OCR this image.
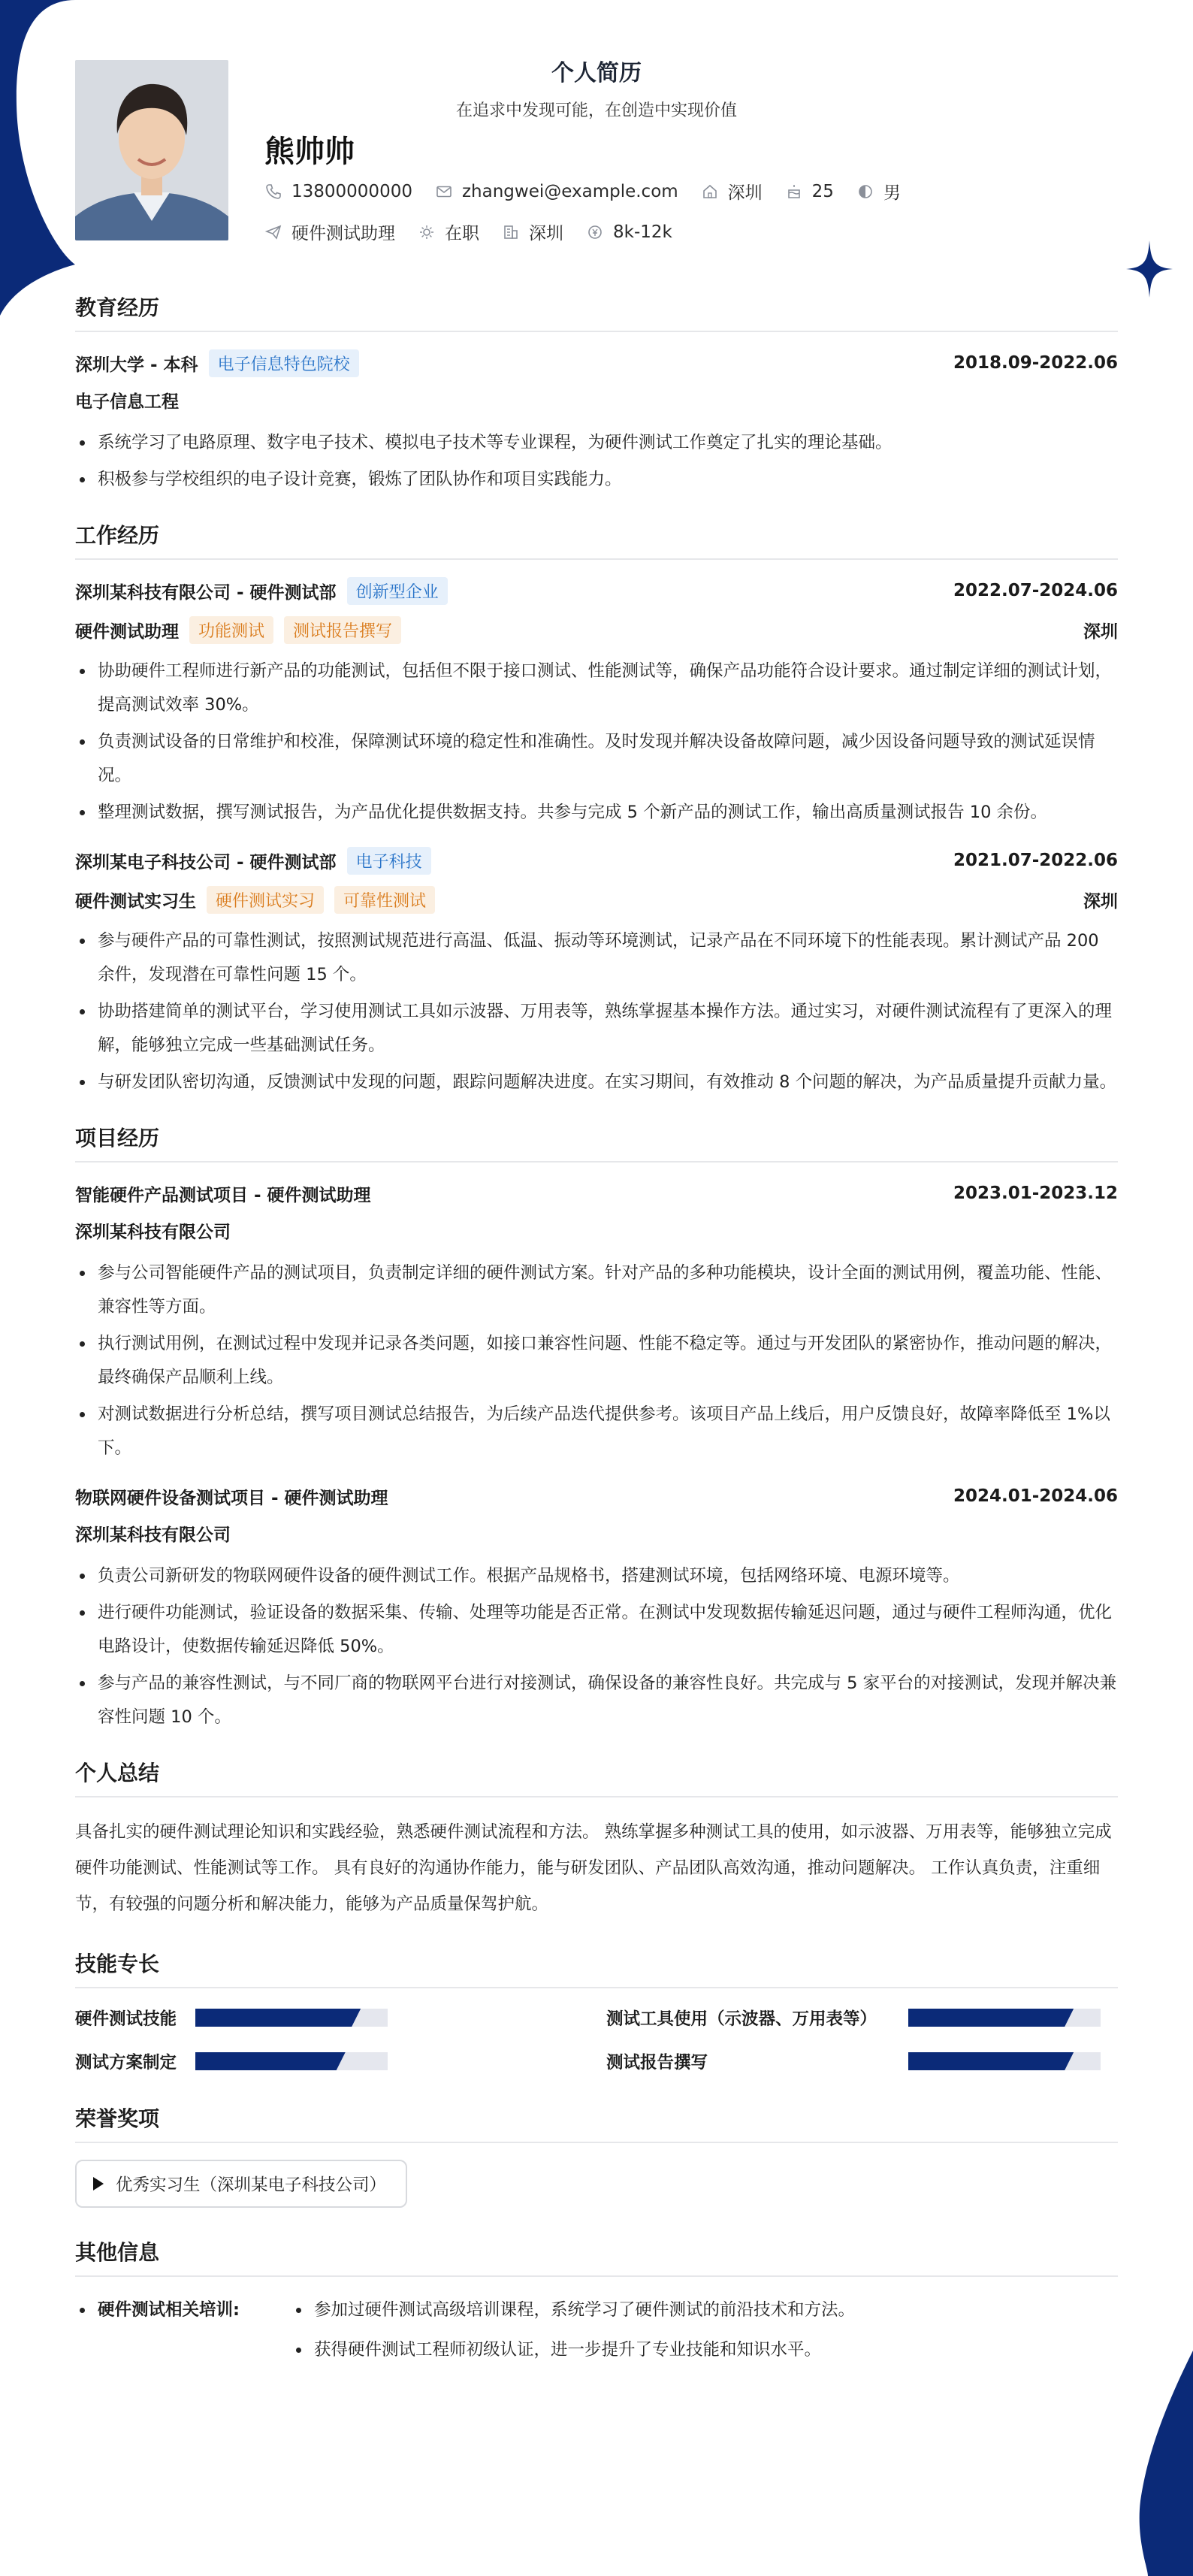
个人简历
在追求中发现可能，在创造中实现价值
熊帅帅
13800000000	zhangwei@example.com	深圳	25	男
硬件测试助理	在职	深圳	8k-12k
教育经历
深圳大学 - 本科	电子信息特色院校	2018.09-2022.06
电子信息工程
系统学习了电路原理、数字电子技术、模拟电子技术等专业课程，为硬件测试工作奠定了扎实的理论基础。
积极参与学校组织的电子设计竞赛，锻炼了团队协作和项目实践能力。
工作经历
深圳某科技有限公司 - 硬件测试部	创新型企业	2022.07-2024.06
硬件测试助理	功能测试	测试报告撰写	深圳
协助硬件工程师进行新产品的功能测试，包括但不限于接口测试、性能测试等，确保产品功能符合设计要求。通过制定详细的测试计划，提高测试效率 30%。
负责测试设备的日常维护和校准，保障测试环境的稳定性和准确性。及时发现并解决设备故障问题，减少因设备问题导致的测试延误情况。
整理测试数据，撰写测试报告，为产品优化提供数据支持。共参与完成 5 个新产品的测试工作，输出高质量测试报告 10 余份。
深圳某电子科技公司 - 硬件测试部	电子科技	2021.07-2022.06
硬件测试实习生	硬件测试实习	可靠性测试	深圳
参与硬件产品的可靠性测试，按照测试规范进行高温、低温、振动等环境测试，记录产品在不同环境下的性能表现。累计测试产品 200 余件，发现潜在可靠性问题 15 个。
协助搭建简单的测试平台，学习使用测试工具如示波器、万用表等，熟练掌握基本操作方法。通过实习，对硬件测试流程有了更深入的理解，能够独立完成一些基础测试任务。
与研发团队密切沟通，反馈测试中发现的问题，跟踪问题解决进度。在实习期间，有效推动 8 个问题的解决，为产品质量提升贡献力量。
项目经历
智能硬件产品测试项目 - 硬件测试助理	2023.01-2023.12
深圳某科技有限公司
参与公司智能硬件产品的测试项目，负责制定详细的硬件测试方案。针对产品的多种功能模块，设计全面的测试用例，覆盖功能、性能、兼容性等方面。
执行测试用例，在测试过程中发现并记录各类问题，如接口兼容性问题、性能不稳定等。通过与开发团队的紧密协作，推动问题的解决，最终确保产品顺利上线。
对测试数据进行分析总结，撰写项目测试总结报告，为后续产品迭代提供参考。该项目产品上线后，用户反馈良好，故障率降低至 1%以下。
物联网硬件设备测试项目 - 硬件测试助理	2024.01-2024.06
深圳某科技有限公司
负责公司新研发的物联网硬件设备的硬件测试工作。根据产品规格书，搭建测试环境，包括网络环境、电源环境等。
进行硬件功能测试，验证设备的数据采集、传输、处理等功能是否正常。在测试中发现数据传输延迟问题，通过与硬件工程师沟通，优化电路设计，使数据传输延迟降低 50%。
参与产品的兼容性测试，与不同厂商的物联网平台进行对接测试，确保设备的兼容性良好。共完成与 5 家平台的对接测试，发现并解决兼容性问题 10 个。
个人总结
具备扎实的硬件测试理论知识和实践经验，熟悉硬件测试流程和方法。 熟练掌握多种测试工具的使用，如示波器、万用表等，能够独立完成硬件功能测试、性能测试等工作。 具有良好的沟通协作能力，能与研发团队、产品团队高效沟通，推动问题解决。 工作认真负责，注重细节，有较强的问题分析和解决能力，能够为产品质量保驾护航。
技能专长
硬件测试技能	测试工具使用（示波器、万用表等）
测试方案制定	测试报告撰写
荣誉奖项
优秀实习生（深圳某电子科技公司）
其他信息
硬件测试相关培训:	参加过硬件测试高级培训课程，系统学习了硬件测试的前沿技术和方法。
获得硬件测试工程师初级认证，进一步提升了专业技能和知识水平。
